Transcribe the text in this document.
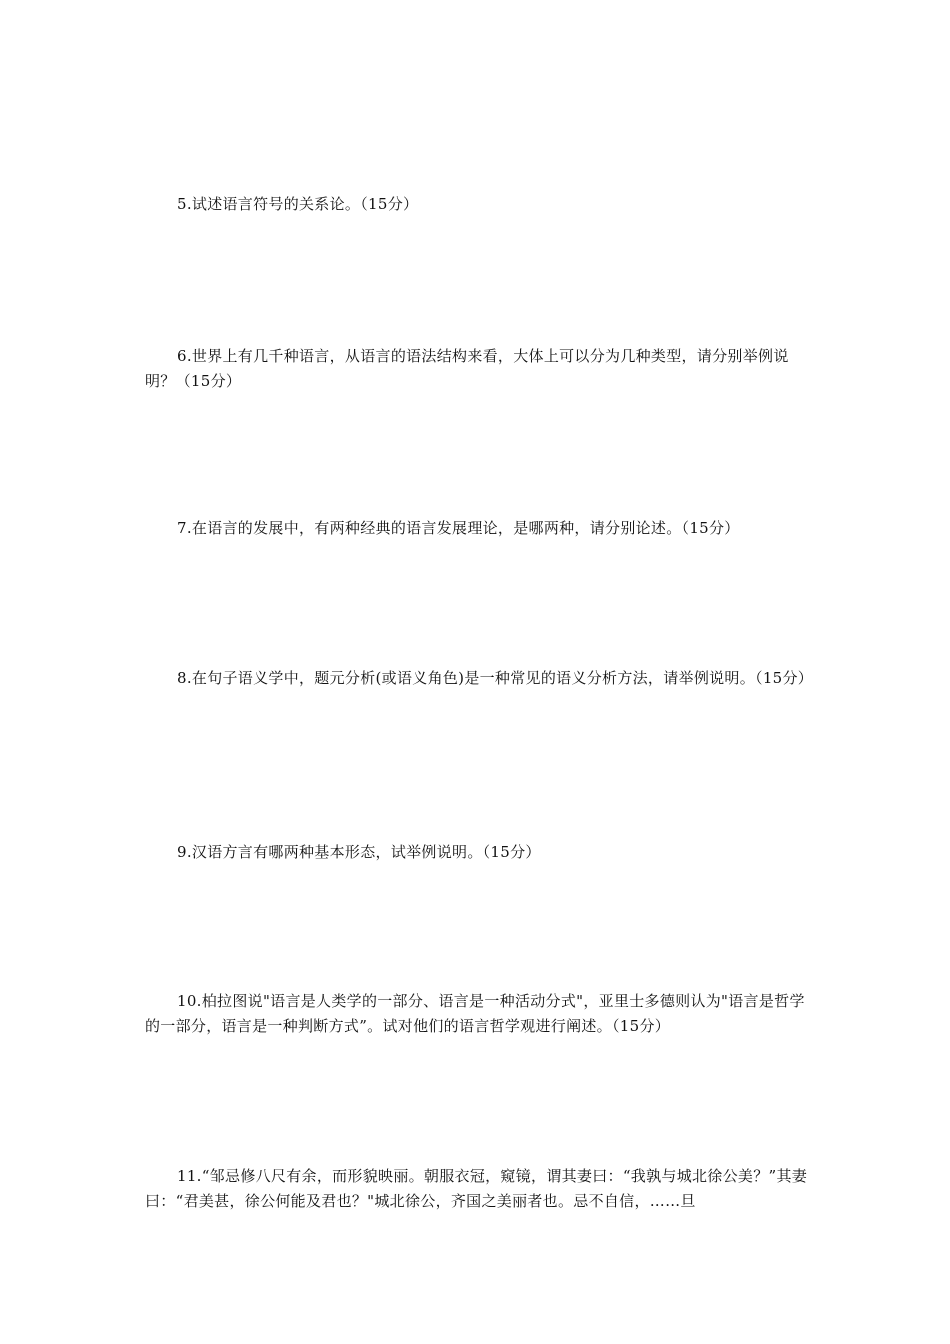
5.试述语言符号的关系论。（15分）

6.世界上有几千种语言，从语言的语法结构来看，大体上可以分为几种类型，请分别举例说明？（15分）

7.在语言的发展中，有两种经典的语言发展理论，是哪两种，请分别论述。（15分）

8.在句子语义学中，题元分析(或语义角色)是一种常见的语义分析方法，请举例说明。（15分）

9.汉语方言有哪两种基本形态，试举例说明。（15分）

10.柏拉图说"语言是人类学的一部分、语言是一种活动分式"，亚里士多德则认为"语言是哲学的一部分，语言是一种判断方式”。试对他们的语言哲学观进行阐述。（15分）

11.“邹忌修八尺有余，而形貌映丽。朝服衣冠，窥镜，谓其妻曰：“我孰与城北徐公美？”其妻曰：“君美甚，徐公何能及君也？"城北徐公，齐国之美丽者也。忌不自信，……旦
